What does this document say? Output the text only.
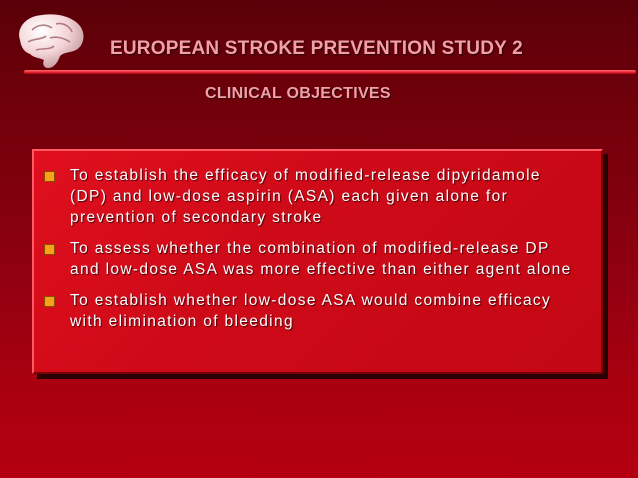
EUROPEAN STROKE PREVENTION STUDY 2
CLINICAL OBJECTIVES
To establish the efficacy of modified-release dipyridamole
(DP) and low-dose aspirin (ASA) each given alone for
prevention of secondary stroke
To assess whether the combination of modified-release DP
and low-dose ASA was more effective than either agent alone
To establish whether low-dose ASA would combine efficacy
with elimination of bleeding
